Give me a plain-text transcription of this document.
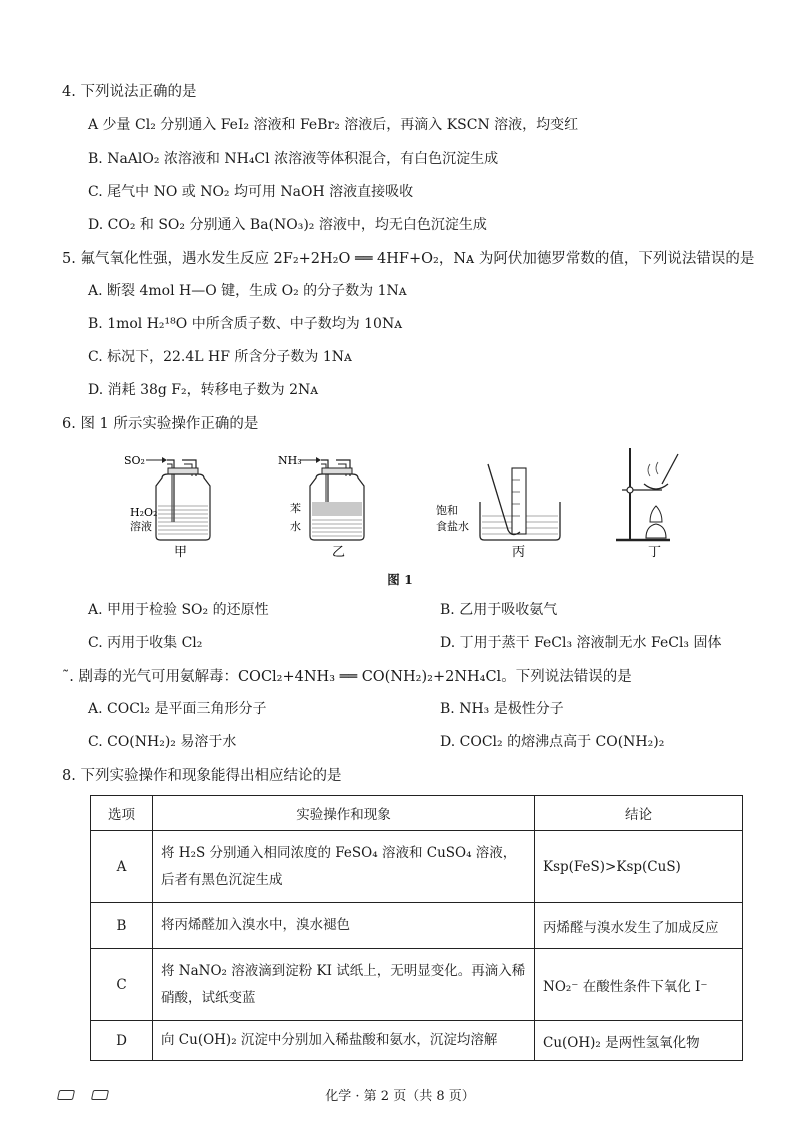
4. 下列说法正确的是
A 少量 Cl₂ 分别通入 FeI₂ 溶液和 FeBr₂ 溶液后，再滴入 KSCN 溶液，均变红
B. NaAlO₂ 浓溶液和 NH₄Cl 浓溶液等体积混合，有白色沉淀生成
C. 尾气中 NO 或 NO₂ 均可用 NaOH 溶液直接吸收
D. CO₂ 和 SO₂ 分别通入 Ba(NO₃)₂ 溶液中，均无白色沉淀生成
5. 氟气氧化性强，遇水发生反应 2F₂+2H₂O ══ 4HF+O₂，Nᴀ 为阿伏加德罗常数的值，下列说法错误的是
A. 断裂 4mol H—O 键，生成 O₂ 的分子数为 1Nᴀ
B. 1mol H₂¹⁸O 中所含质子数、中子数均为 10Nᴀ
C. 标况下，22.4L HF 所含分子数为 1Nᴀ
D. 消耗 38g F₂，转移电子数为 2Nᴀ
6. 图 1 所示实验操作正确的是
SO₂
H₂O₂
溶液
甲
NH₃
苯
水
乙
饱和
食盐水
丙	丁
图 1
A. 甲用于检验 SO₂ 的还原性	B. 乙用于吸收氨气
C. 丙用于收集 Cl₂	D. 丁用于蒸干 FeCl₃ 溶液制无水 FeCl₃ 固体
˜. 剧毒的光气可用氨解毒：COCl₂+4NH₃ ══ CO(NH₂)₂+2NH₄Cl。下列说法错误的是
A. COCl₂ 是平面三角形分子	B. NH₃ 是极性分子
C. CO(NH₂)₂ 易溶于水	D. COCl₂ 的熔沸点高于 CO(NH₂)₂
8. 下列实验操作和现象能得出相应结论的是
选项	实验操作和现象	结论
A	将 H₂S 分别通入相同浓度的 FeSO₄ 溶液和 CuSO₄ 溶液，后者有黑色沉淀生成	Ksp(FeS)>Ksp(CuS)
B	将丙烯醛加入溴水中，溴水褪色	丙烯醛与溴水发生了加成反应
C	将 NaNO₂ 溶液滴到淀粉 KI 试纸上，无明显变化。再滴入稀硝酸，试纸变蓝	NO₂⁻ 在酸性条件下氧化 I⁻
D	向 Cu(OH)₂ 沉淀中分别加入稀盐酸和氨水，沉淀均溶解	Cu(OH)₂ 是两性氢氧化物
化学 · 第 2 页（共 8 页）
